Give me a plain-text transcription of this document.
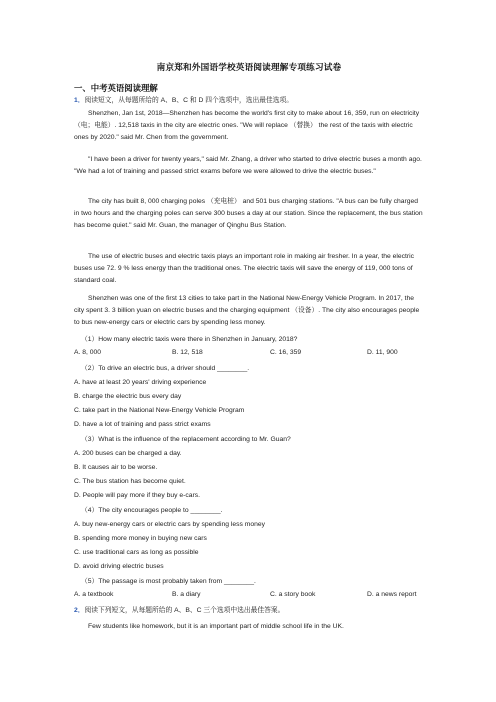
南京郑和外国语学校英语阅读理解专项练习试卷
一、中考英语阅读理解
1．阅读短文，从每题所给的 A、B、C 和 D 四个选项中，选出最佳选项。
Shenzhen, Jan 1st, 2018—Shenzhen has become the world's first city to make about 16, 359, run on electricity （电；电能）. 12,518 taxis in the city are electric ones. "We will replace （替换） the rest of the taxis with electric ones by 2020." said Mr. Chen from the government.
"I have been a driver for twenty years," said Mr. Zhang, a driver who started to drive electric buses a month ago. "We had a lot of training and passed strict exams before we were allowed to drive the electric buses."
The city has built 8, 000 charging poles （充电桩） and 501 bus charging stations. "A bus can be fully charged in two hours and the charging poles can serve 300 buses a day at our station. Since the replacement, the bus station has become quiet." said Mr. Guan, the manager of Qinghu Bus Station.
The use of electric buses and electric taxis plays an important role in making air fresher. In a year, the electric buses use 72. 9 % less energy than the traditional ones. The electric taxis will save the energy of 119, 000 tons of standard coal.
Shenzhen was one of the first 13 cities to take part in the National New-Energy Vehicle Program. In 2017, the city spent 3. 3 billion yuan on electric buses and the charging equipment （设备）. The city also encourages people to bus new-energy cars or electric cars by spending less money.
（1）How many electric taxis were there in Shenzhen in January, 2018?
A. 8, 000	B. 12, 518	C. 16, 359	D. 11, 900
（2）To drive an electric bus, a driver should ________.
A. have at least 20 years' driving experience
B. charge the electric bus every day
C. take part in the National New-Energy Vehicle Program
D. have a lot of training and pass strict exams
（3）What is the influence of the replacement according to Mr. Guan?
A. 200 buses can be charged a day.
B. It causes air to be worse.
C. The bus station has become quiet.
D. People will pay more if they buy e-cars.
（4）The city encourages people to ________.
A. buy new-energy cars or electric cars by spending less money
B. spending more money in buying new cars
C. use traditional cars as long as possible
D. avoid driving electric buses
（5）The passage is most probably taken from ________.
A. a textbook	B. a diary	C. a story book	D. a news report
2．阅读下列短文，从每题所给的 A、B、C 三个选项中选出最佳答案。
Few students like homework, but it is an important part of middle school life in the UK.
